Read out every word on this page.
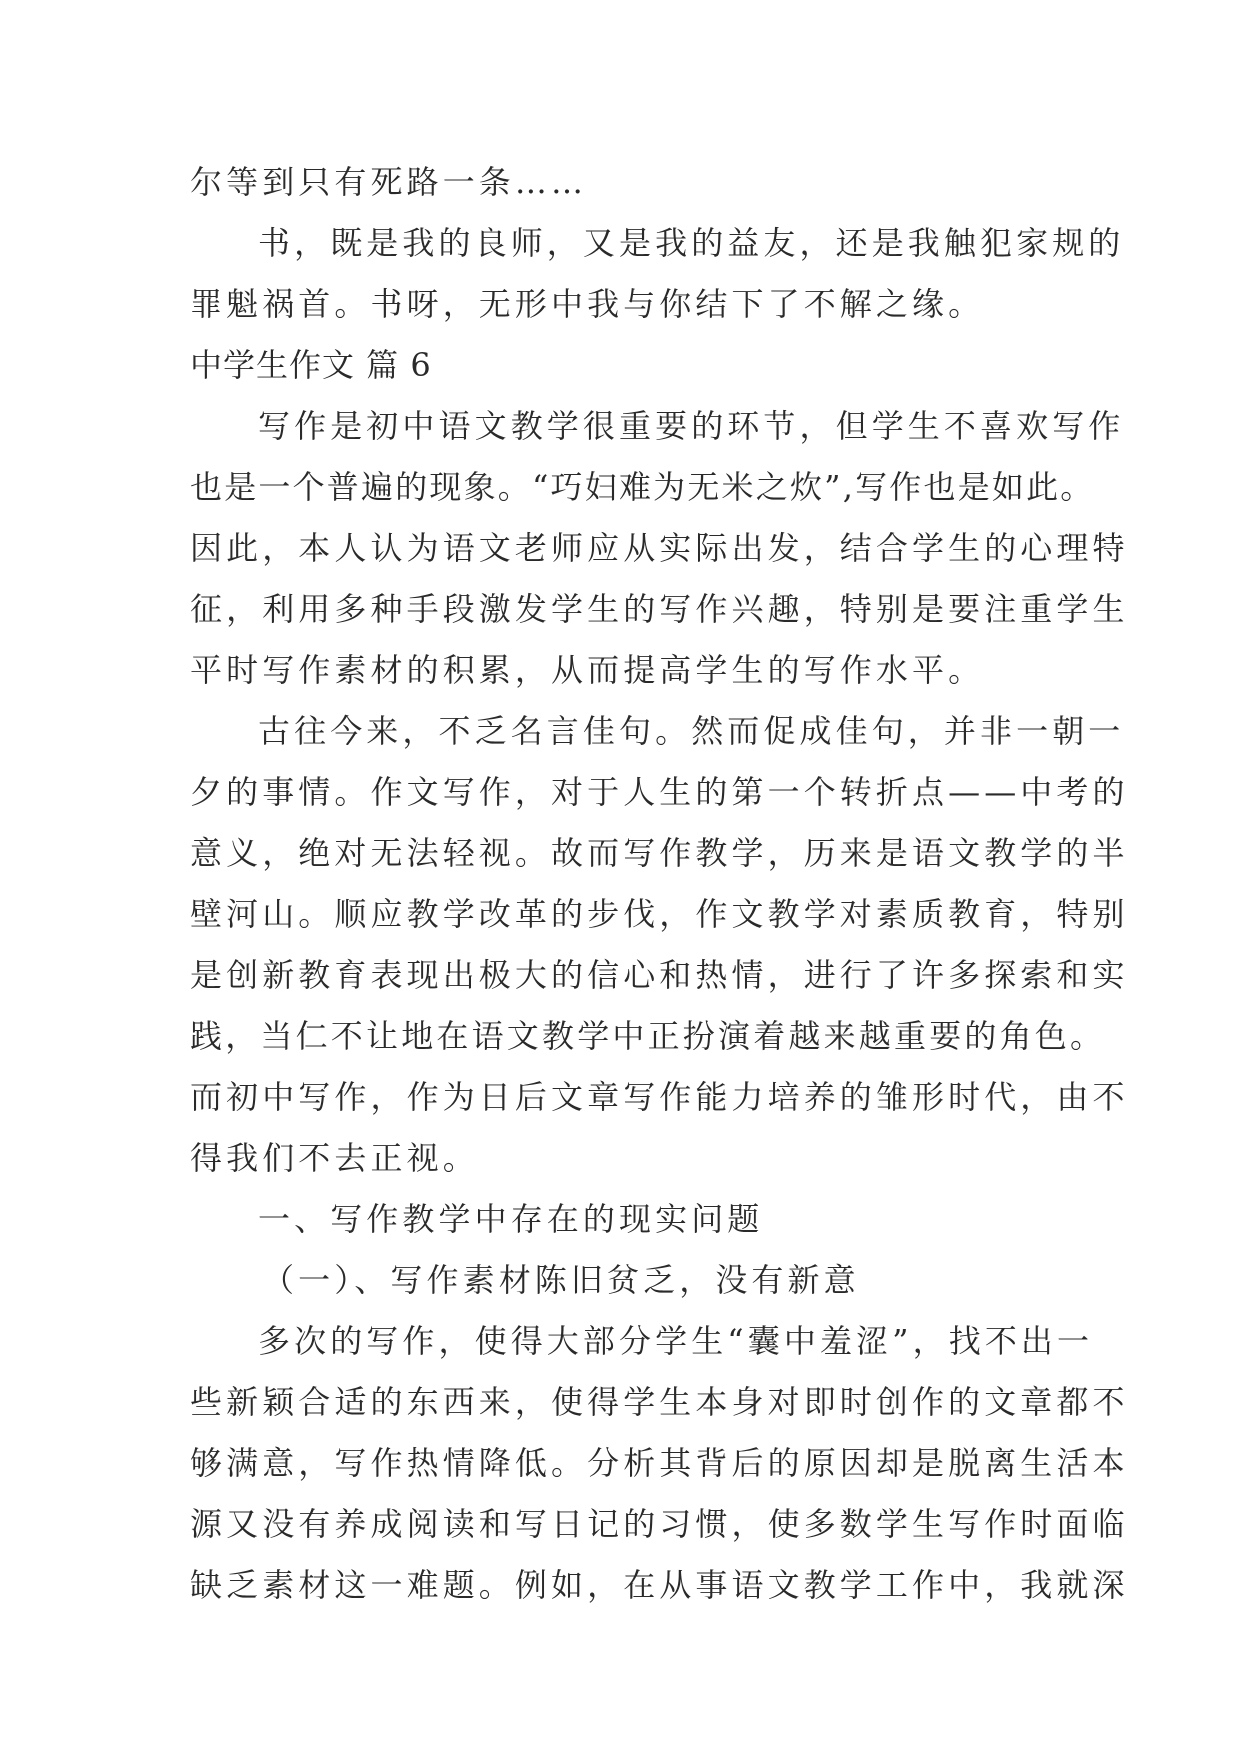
尔等到只有死路一条……
书，既是我的良师，又是我的益友，还是我触犯家规的
罪魁祸首。书呀，无形中我与你结下了不解之缘。
中学生作文 篇 6
写作是初中语文教学很重要的环节，但学生不喜欢写作
也是一个普遍的现象。“巧妇难为无米之炊”,写作也是如此。
因此，本人认为语文老师应从实际出发，结合学生的心理特
征，利用多种手段激发学生的写作兴趣，特别是要注重学生
平时写作素材的积累，从而提高学生的写作水平。
古往今来，不乏名言佳句。然而促成佳句，并非一朝一
夕的事情。作文写作，对于人生的第一个转折点——中考的
意义，绝对无法轻视。故而写作教学，历来是语文教学的半
壁河山。顺应教学改革的步伐，作文教学对素质教育，特别
是创新教育表现出极大的信心和热情，进行了许多探索和实
践，当仁不让地在语文教学中正扮演着越来越重要的角色。
而初中写作，作为日后文章写作能力培养的雏形时代，由不
得我们不去正视。
一、写作教学中存在的现实问题
（一）、写作素材陈旧贫乏，没有新意
多次的写作，使得大部分学生“囊中羞涩”，找不出一
些新颖合适的东西来，使得学生本身对即时创作的文章都不
够满意，写作热情降低。分析其背后的原因却是脱离生活本
源又没有养成阅读和写日记的习惯，使多数学生写作时面临
缺乏素材这一难题。例如，在从事语文教学工作中，我就深
